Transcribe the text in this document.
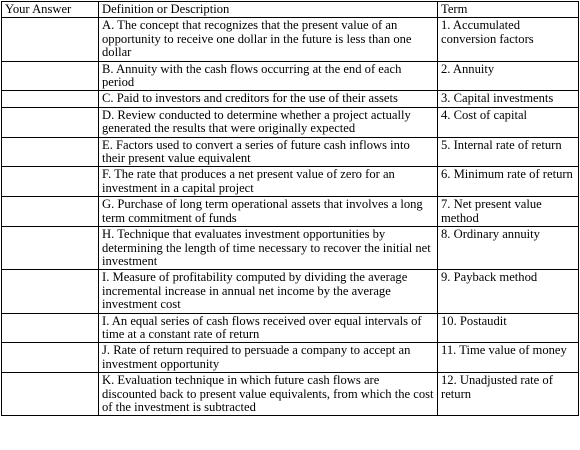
Your Answer	Definition or Description	Term
	A. The concept that recognizes that the present value of an opportunity to receive one dollar in the future is less than one dollar	1. Accumulated conversion factors
	B. Annuity with the cash flows occurring at the end of each period	2. Annuity
	C. Paid to investors and creditors for the use of their assets	3. Capital investments
	D. Review conducted to determine whether a project actually generated the results that were originally expected	4. Cost of capital
	E. Factors used to convert a series of future cash inflows into their present value equivalent	5. Internal rate of return
	F. The rate that produces a net present value of zero for an investment in a capital project	6. Minimum rate of return
	G. Purchase of long term operational assets that involves a long term commitment of funds	7. Net present value method
	H. Technique that evaluates investment opportunities by determining the length of time necessary to recover the initial net investment	8. Ordinary annuity
	I. Measure of profitability computed by dividing the average incremental increase in annual net income by the average investment cost	9. Payback method
	I. An equal series of cash flows received over equal intervals of time at a constant rate of return	10. Postaudit
	J. Rate of return required to persuade a company to accept an investment opportunity	11. Time value of money
	K. Evaluation technique in which future cash flows are discounted back to present value equivalents, from which the cost of the investment is subtracted	12. Unadjusted rate of return
